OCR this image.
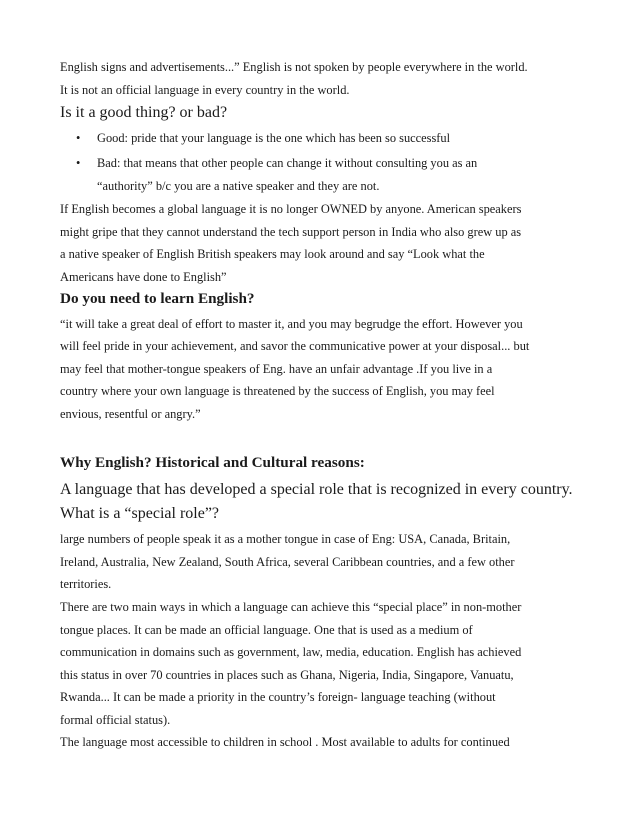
English signs and advertisements...” English is not spoken by people everywhere in the world.
It is not an official language in every country in the world.
Is it a good thing? or bad?
• Good: pride that your language is the one which has been so successful
• Bad: that means that other people can change it without consulting you as an
“authority” b/c you are a native speaker and they are not.
If English becomes a global language it is no longer OWNED by anyone. American speakers
might gripe that they cannot understand the tech support person in India who also grew up as
a native speaker of English British speakers may look around and say “Look what the
Americans have done to English”
Do you need to learn English?
“it will take a great deal of effort to master it, and you may begrudge the effort. However you
will feel pride in your achievement, and savor the communicative power at your disposal... but
may feel that mother-tongue speakers of Eng. have an unfair advantage .If you live in a
country where your own language is threatened by the success of English, you may feel
envious, resentful or angry.”
Why English? Historical and Cultural reasons:
A language that has developed a special role that is recognized in every country.
What is a “special role”?
large numbers of people speak it as a mother tongue in case of Eng: USA, Canada, Britain,
Ireland, Australia, New Zealand, South Africa, several Caribbean countries, and a few other
territories.
There are two main ways in which a language can achieve this “special place” in non-mother
tongue places. It can be made an official language. One that is used as a medium of
communication in domains such as government, law, media, education. English has achieved
this status in over 70 countries in places such as Ghana, Nigeria, India, Singapore, Vanuatu,
Rwanda... It can be made a priority in the country’s foreign- language teaching (without
formal official status).
The language most accessible to children in school . Most available to adults for continued
